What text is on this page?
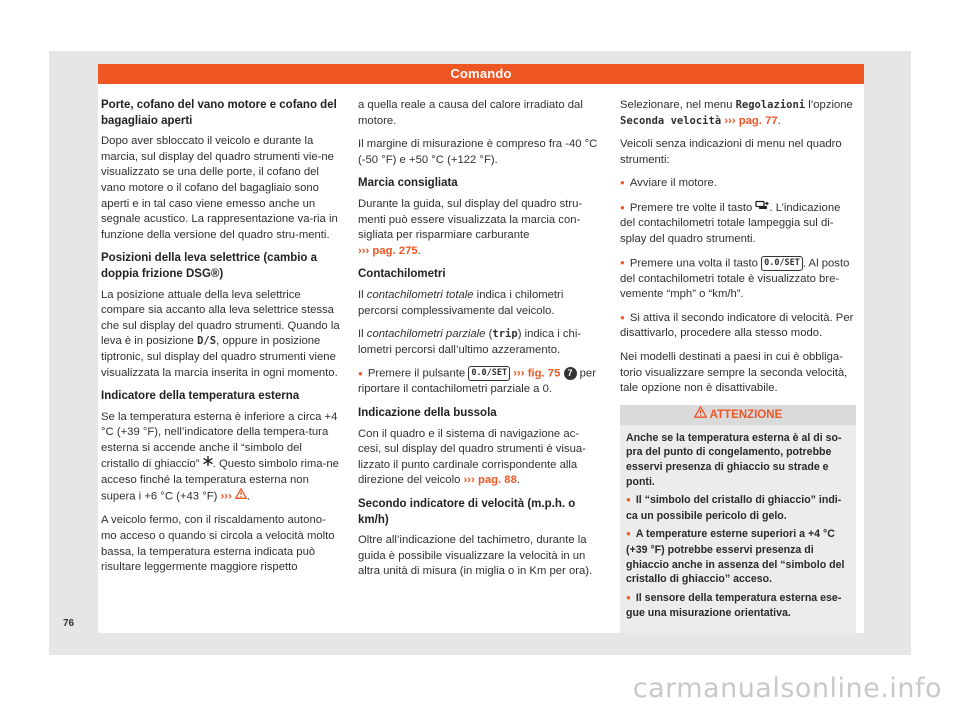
Comando
Porte, cofano del vano motore e cofano del bagagliaio aperti

Dopo aver sbloccato il veicolo e durante la marcia, sul display del quadro strumenti vie-ne visualizzato se una delle porte, il cofano del vano motore o il cofano del bagagliaio sono aperti e in tal caso viene emesso anche un segnale acustico. La rappresentazione va-ria in funzione della versione del quadro stru-menti.

Posizioni della leva selettrice (cambio a doppia frizione DSG®)

La posizione attuale della leva selettrice compare sia accanto alla leva selettrice stessa che sul display del quadro strumenti. Quando la leva è in posizione D/S, oppure in posizione tiptronic, sul display del quadro strumenti viene visualizzata la marcia inserita in ogni momento.

Indicatore della temperatura esterna

Se la temperatura esterna è inferiore a circa +4 °C (+39 °F), nell’indicatore della tempera-tura esterna si accende anche il “simbolo del cristallo di ghiaccio” . Questo simbolo rima-ne acceso finché la temperatura esterna non supera i +6 °C (+43 °F) ››› .

A veicolo fermo, con il riscaldamento autono-mo acceso o quando si circola a velocità molto bassa, la temperatura esterna indicata può risultare leggermente maggiore rispetto

a quella reale a causa del calore irradiato dal motore.

Il margine di misurazione è compreso fra -40 °C (-50 °F) e +50 °C (+122 °F).

Marcia consigliata

Durante la guida, sul display del quadro stru-menti può essere visualizzata la marcia con-sigliata per risparmiare carburante
››› pag. 275.

Contachilometri

Il contachilometri totale indica i chilometri percorsi complessivamente dal veicolo.

Il contachilometri parziale (trip) indica i chi-lometri percorsi dall’ultimo azzeramento.

● Premere il pulsante 0.0/SET ››› fig. 75 7 per riportare il contachilometri parziale a 0.

Indicazione della bussola

Con il quadro e il sistema di navigazione ac-cesi, sul display del quadro strumenti è visua-lizzato il punto cardinale corrispondente alla direzione del veicolo ››› pag. 88.

Secondo indicatore di velocità (m.p.h. o km/h)

Oltre all’indicazione del tachimetro, durante la guida è possibile visualizzare la velocità in un altra unità di misura (in miglia o in Km per ora).

Selezionare, nel menu Regolazioni l’opzione Seconda velocità ››› pag. 77.

Veicoli senza indicazioni di menu nel quadro strumenti:

● Avviare il motore.

● Premere tre volte il tasto . L’indicazione del contachilometri totale lampeggia sul di-splay del quadro strumenti.

● Premere una volta il tasto 0.0/SET . Al posto del contachilometri totale è visualizzato bre-vemente “mph” o “km/h”.

● Si attiva il secondo indicatore di velocità. Per disattivarlo, procedere alla stesso modo.

Nei modelli destinati a paesi in cui è obbliga-torio visualizzare sempre la seconda velocità, tale opzione non è disattivabile.

ATTENZIONE

Anche se la temperatura esterna è al di so-pra del punto di congelamento, potrebbe esservi presenza di ghiaccio su strade e ponti.

● Il “simbolo del cristallo di ghiaccio” indi-ca un possibile pericolo di gelo.

● A temperature esterne superiori a +4 °C (+39 °F) potrebbe esservi presenza di ghiaccio anche in assenza del “simbolo del cristallo di ghiaccio” acceso.

● Il sensore della temperatura esterna ese-gue una misurazione orientativa.

76
carmanualsonline.info
